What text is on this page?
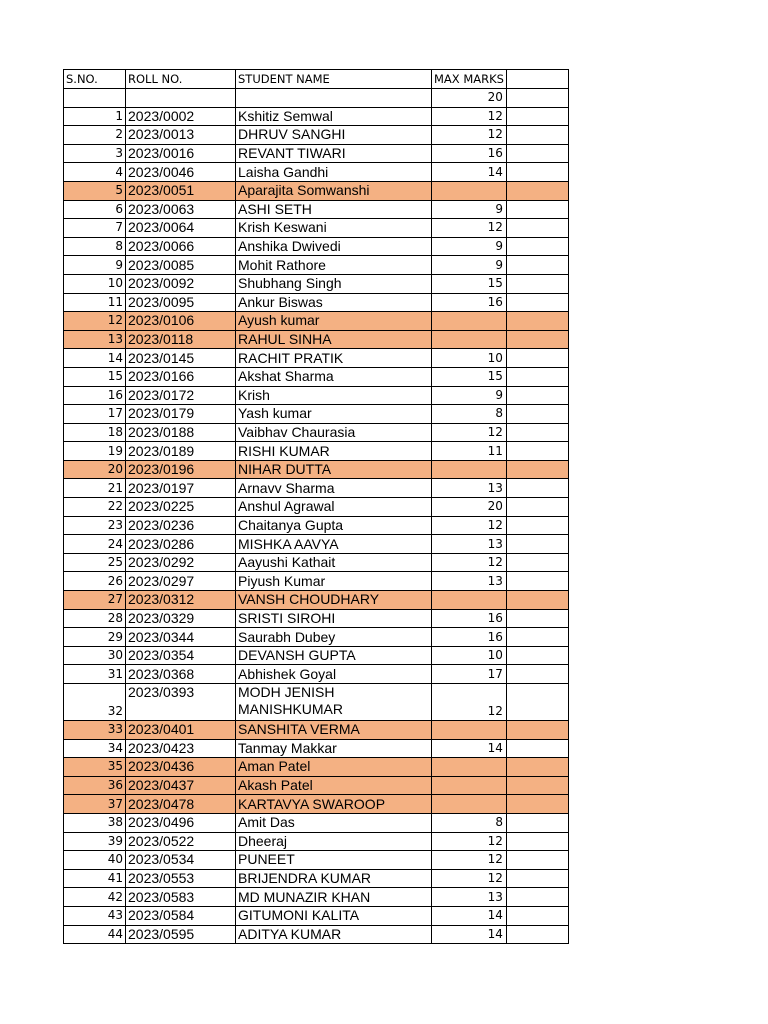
S.NO.	ROLL NO.	STUDENT NAME	MAX MARKS	
			20	
1	2023/0002	Kshitiz Semwal	12	
2	2023/0013	DHRUV SANGHI	12	
3	2023/0016	REVANT TIWARI	16	
4	2023/0046	Laisha Gandhi	14	
5	2023/0051	Aparajita Somwanshi		
6	2023/0063	ASHI SETH	9	
7	2023/0064	Krish Keswani	12	
8	2023/0066	Anshika Dwivedi	9	
9	2023/0085	Mohit Rathore	9	
10	2023/0092	Shubhang Singh	15	
11	2023/0095	Ankur Biswas	16	
12	2023/0106	Ayush kumar		
13	2023/0118	RAHUL SINHA		
14	2023/0145	RACHIT PRATIK	10	
15	2023/0166	Akshat Sharma	15	
16	2023/0172	Krish	9	
17	2023/0179	Yash kumar	8	
18	2023/0188	Vaibhav Chaurasia	12	
19	2023/0189	RISHI KUMAR	11	
20	2023/0196	NIHAR DUTTA		
21	2023/0197	Arnavv Sharma	13	
22	2023/0225	Anshul Agrawal	20	
23	2023/0236	Chaitanya Gupta	12	
24	2023/0286	MISHKA AAVYA	13	
25	2023/0292	Aayushi Kathait	12	
26	2023/0297	Piyush Kumar	13	
27	2023/0312	VANSH CHOUDHARY		
28	2023/0329	SRISTI SIROHI	16	
29	2023/0344	Saurabh Dubey	16	
30	2023/0354	DEVANSH GUPTA	10	
31	2023/0368	Abhishek Goyal	17	
32	2023/0393	MODH JENISH MANISHKUMAR	12	
33	2023/0401	SANSHITA VERMA		
34	2023/0423	Tanmay Makkar	14	
35	2023/0436	Aman Patel		
36	2023/0437	Akash Patel		
37	2023/0478	KARTAVYA SWAROOP		
38	2023/0496	Amit Das	8	
39	2023/0522	Dheeraj	12	
40	2023/0534	PUNEET	12	
41	2023/0553	BRIJENDRA KUMAR	12	
42	2023/0583	MD MUNAZIR KHAN	13	
43	2023/0584	GITUMONI KALITA	14	
44	2023/0595	ADITYA KUMAR	14	
